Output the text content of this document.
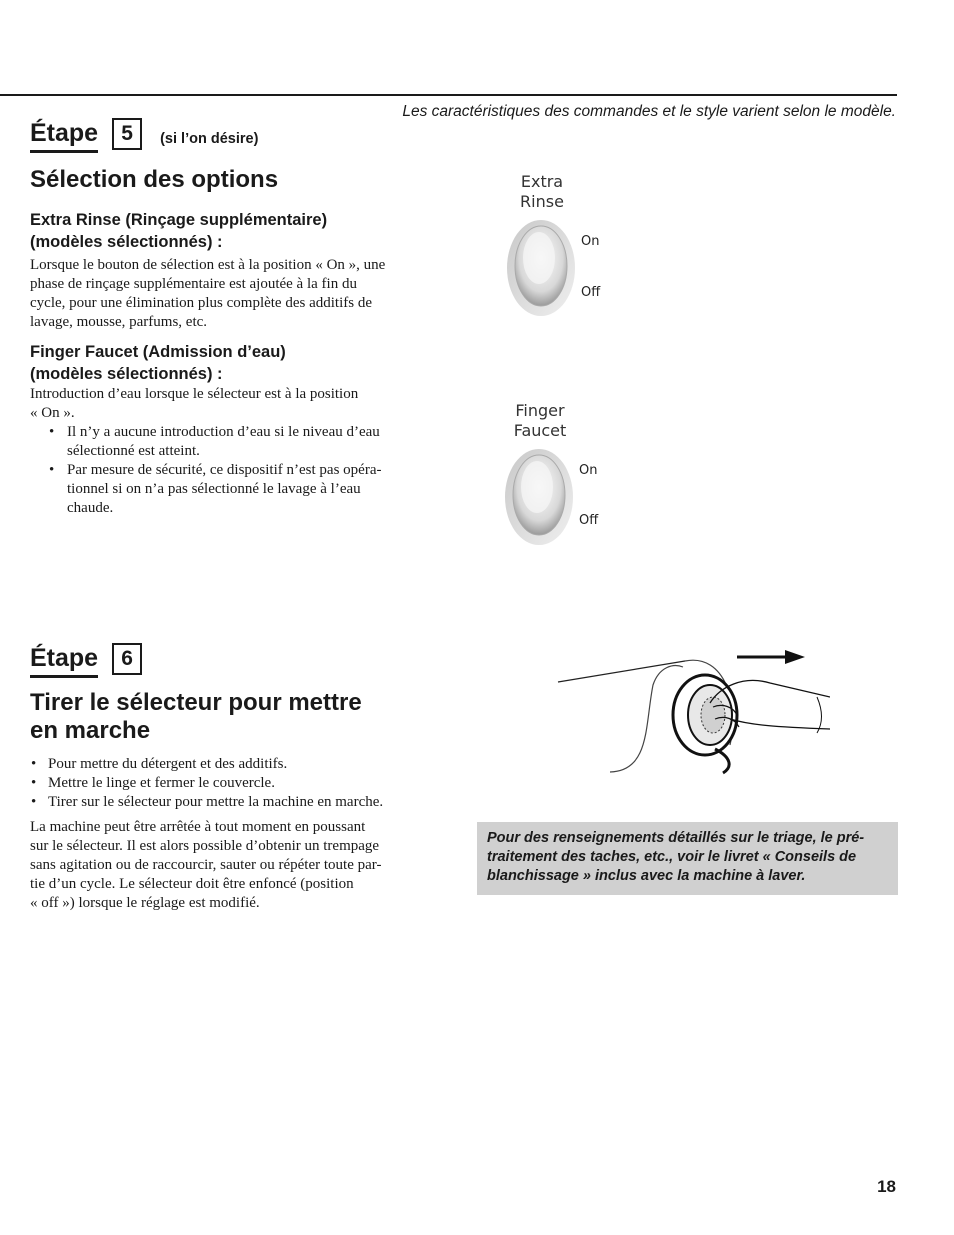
Les caractéristiques des commandes et le style varient selon le modèle.
Étape	5	(si l’on désire)
Sélection des options
Extra Rinse (Rinçage supplémentaire)
(modèles sélectionnés) :
Lorsque le bouton de sélection est à la position « On », une
phase de rinçage supplémentaire est ajoutée à la fin du
cycle, pour une élimination plus complète des additifs de
lavage, mousse, parfums, etc.
Finger Faucet (Admission d’eau)
(modèles sélectionnés) :
Introduction d’eau lorsque le sélecteur est à la position
« On ».
• Il n’y a aucune introduction d’eau si le niveau d’eau
sélectionné est atteint.
• Par mesure de sécurité, ce dispositif n’est pas opéra-
tionnel si on n’a pas sélectionné le lavage à l’eau
chaude.
Extra
Rinse
On
Off
Finger
Faucet
On
Off
Étape	6
Tirer le sélecteur pour mettre
en marche
• Pour mettre du détergent et des additifs.
• Mettre le linge et fermer le couvercle.
• Tirer sur le sélecteur pour mettre la machine en marche.
La machine peut être arrêtée à tout moment en poussant
sur le sélecteur. Il est alors possible d’obtenir un trempage
sans agitation ou de raccourcir, sauter ou répéter toute par-
tie d’un cycle. Le sélecteur doit être enfoncé (position
« off ») lorsque le réglage est modifié.
Pour des renseignements détaillés sur le triage, le pré-
traitement des taches, etc., voir le livret « Conseils de
blanchissage » inclus avec la machine à laver.
18
